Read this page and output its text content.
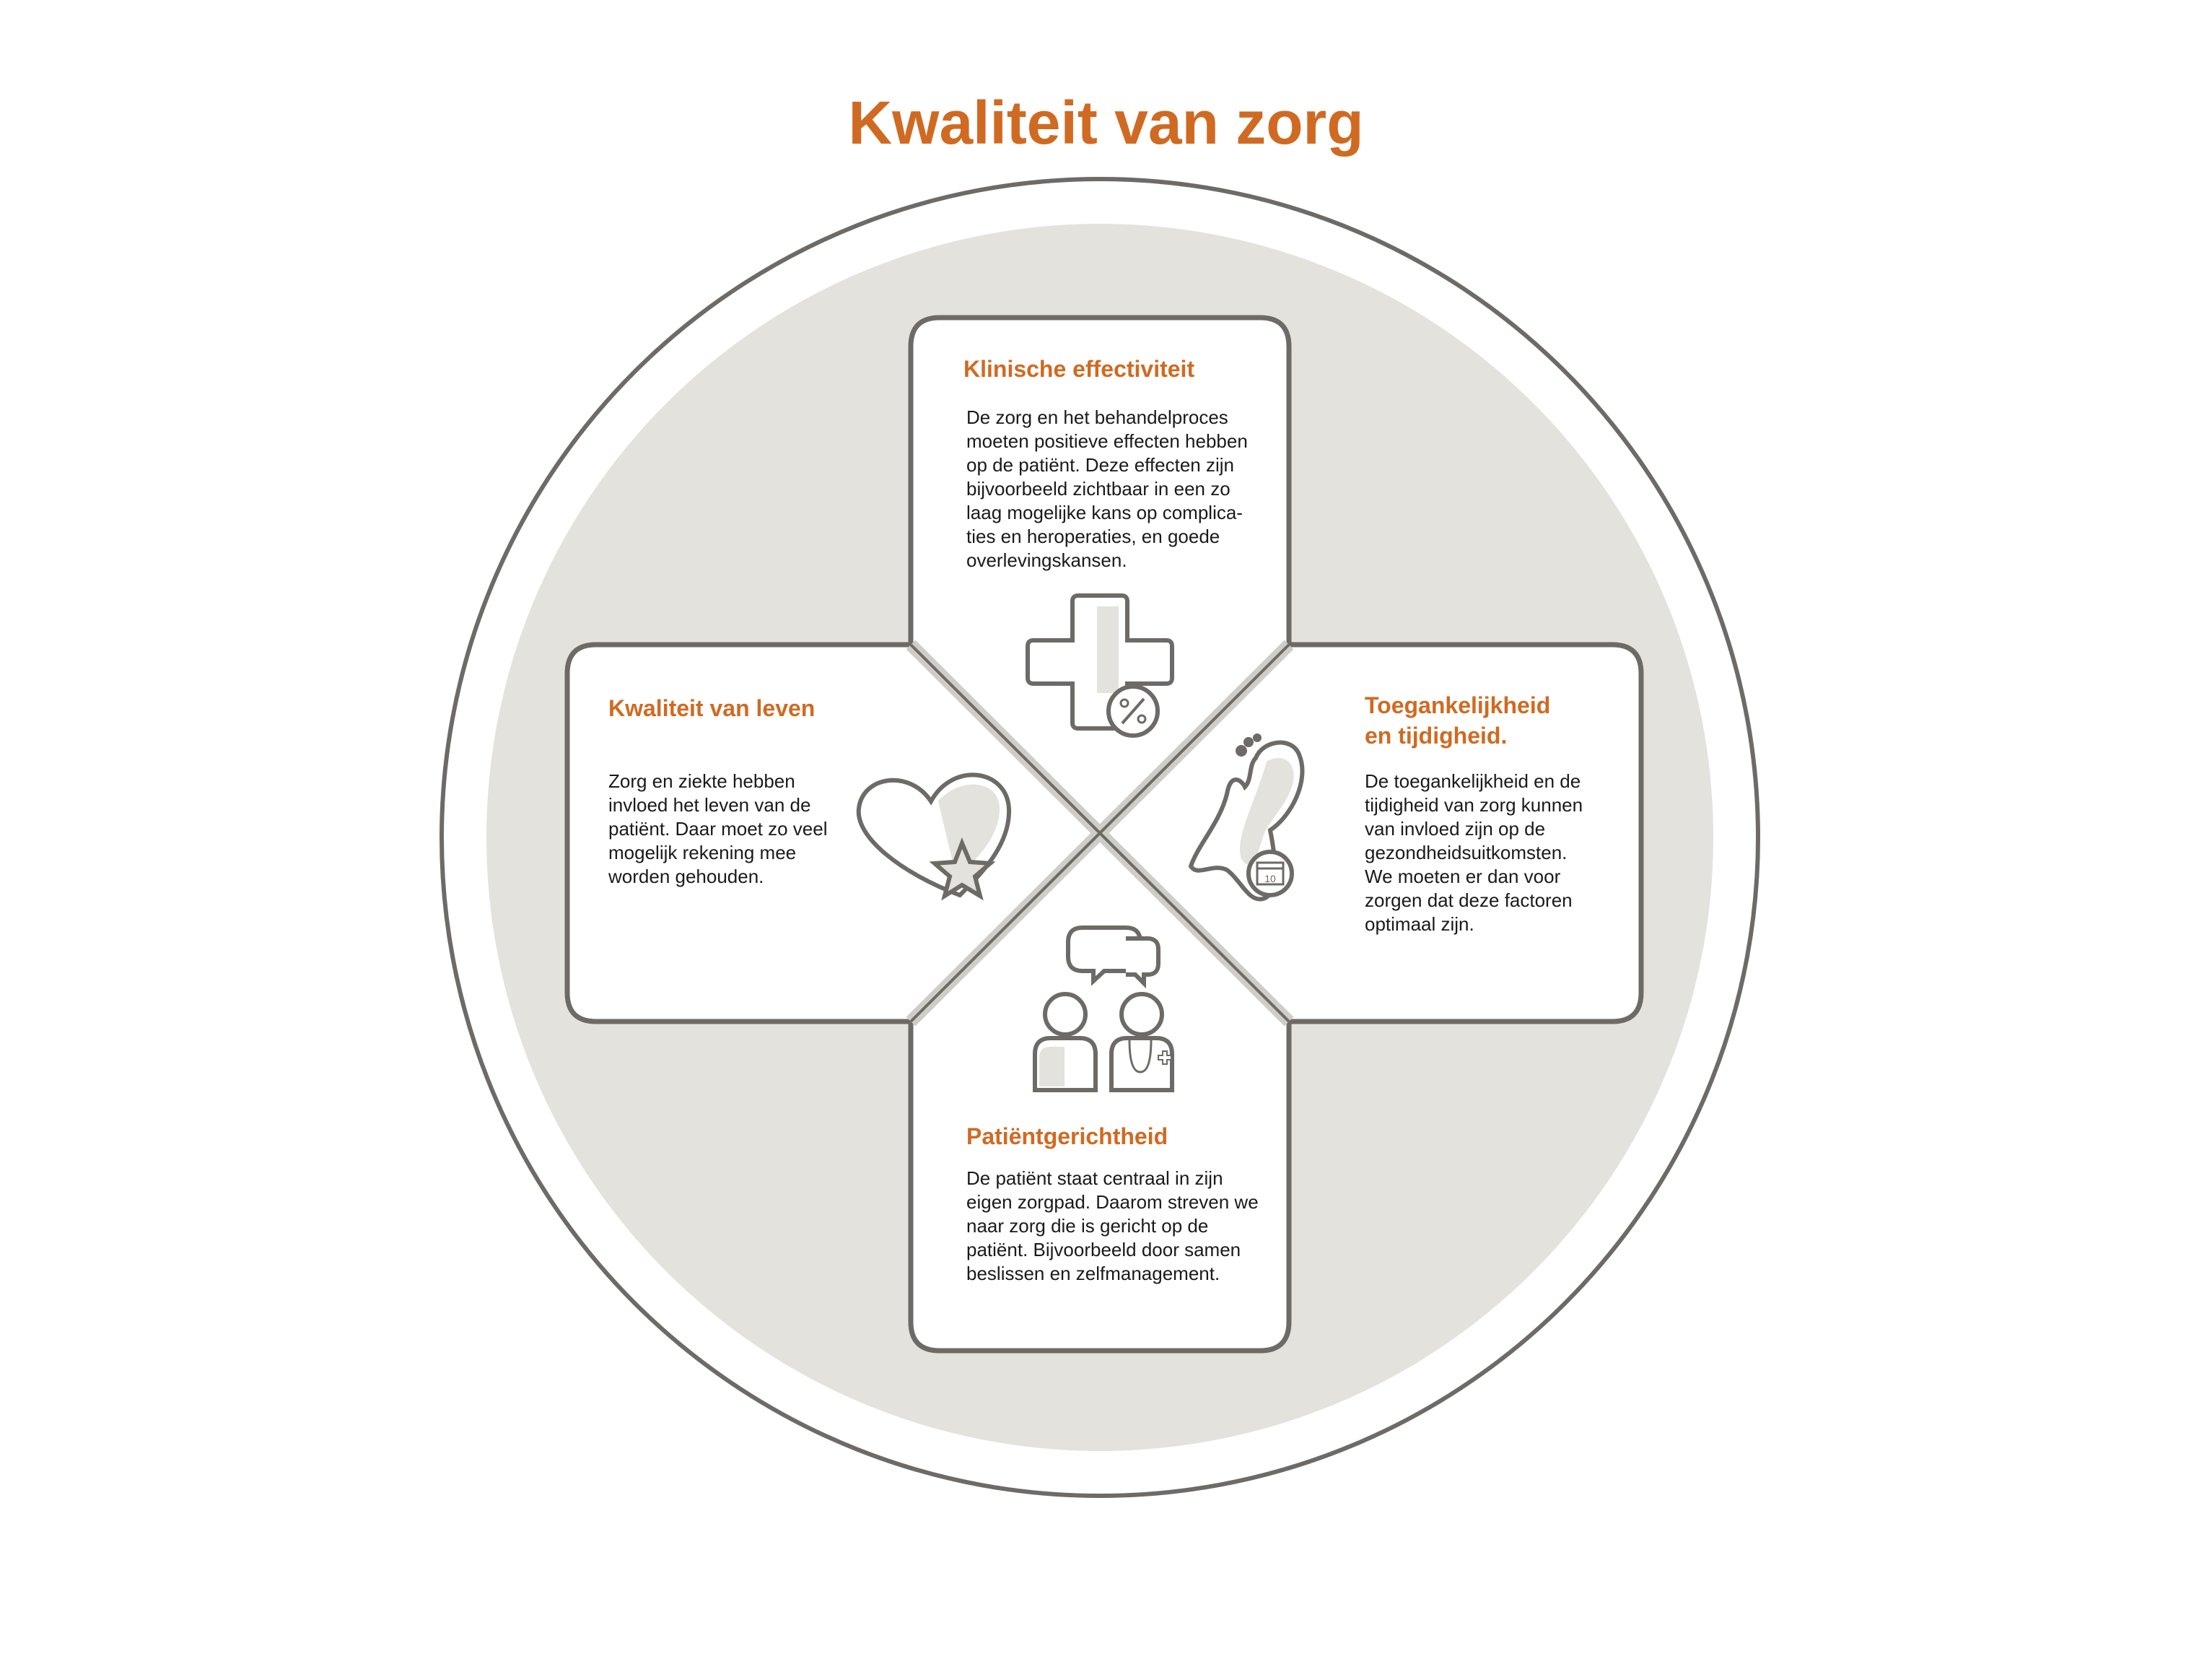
10
Kwaliteit van zorg
Klinische effectiviteit
De zorg en het behandelproces
moeten positieve effecten hebben
op de patiënt. Deze effecten zijn
bijvoorbeeld zichtbaar in een zo
laag mogelijke kans op complica-
ties en heroperaties, en goede
overlevingskansen.
Kwaliteit van leven
Zorg en ziekte hebben
invloed het leven van de
patiënt. Daar moet zo veel
mogelijk rekening mee
worden gehouden.
Toegankelijkheid
en tijdigheid.
De toegankelijkheid en de
tijdigheid van zorg kunnen
van invloed zijn op de
gezondheidsuitkomsten.
We moeten er dan voor
zorgen dat deze factoren
optimaal zijn.
Patiëntgerichtheid
De patiënt staat centraal in zijn
eigen zorgpad. Daarom streven we
naar zorg die is gericht op de
patiënt. Bijvoorbeeld door samen
beslissen en zelfmanagement.
